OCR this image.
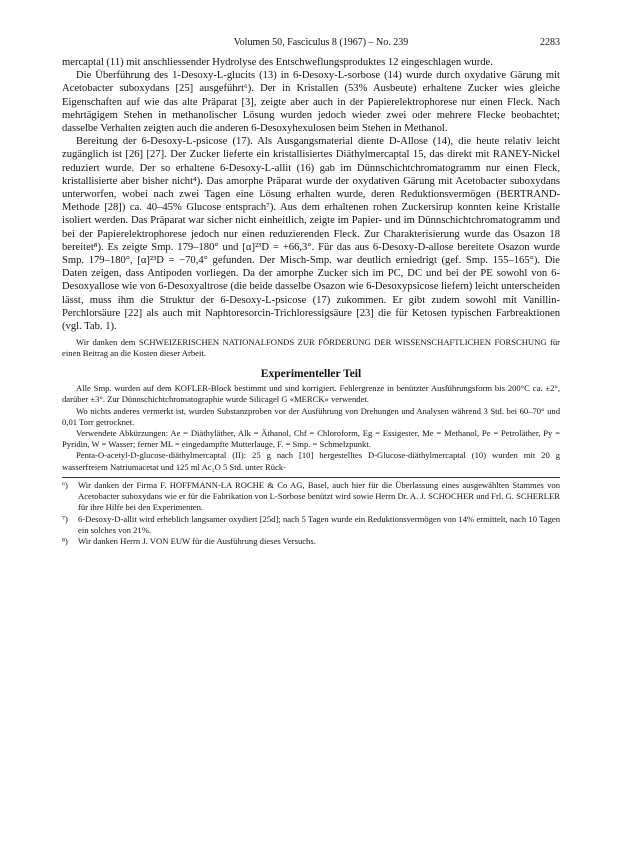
Volumen 50, Fasciculus 8 (1967) – No. 239	2283

mercaptal (11) mit anschliessender Hydrolyse des Entschweflungsproduktes 12 eingeschlagen wurde.

Die Überführung des 1-Desoxy-L-glucits (13) in 6-Desoxy-L-sorbose (14) wurde durch oxydative Gärung mit Acetobacter suboxydans [25] ausgeführt⁶). Der in Kristallen (53% Ausbeute) erhaltene Zucker wies gleiche Eigenschaften auf wie das alte Präparat [3], zeigte aber auch in der Papierelektrophorese nur einen Fleck. Nach mehrtägigem Stehen in methanolischer Lösung wurden jedoch wieder zwei oder mehrere Flecke beobachtet; dasselbe Verhalten zeigten auch die anderen 6-Desoxyhexulosen beim Stehen in Methanol.

Bereitung der 6-Desoxy-L-psicose (17). Als Ausgangsmaterial diente D-Allose (14), die heute relativ leicht zugänglich ist [26] [27]. Der Zucker lieferte ein kristallisiertes Diäthylmercaptal 15, das direkt mit RANEY-Nickel reduziert wurde. Der so erhaltene 6-Desoxy-L-allit (16) gab im Dünnschichtchromatogramm nur einen Fleck, kristallisierte aber bisher nicht⁴). Das amorphe Präparat wurde der oxydativen Gärung mit Acetobacter suboxydans unterworfen, wobei nach zwei Tagen eine Lösung erhalten wurde, deren Reduktionsvermögen (BERTRAND-Methode [28]) ca. 40–45% Glucose entsprach⁷). Aus dem erhaltenen rohen Zuckersirup konnten keine Kristalle isoliert werden. Das Präparat war sicher nicht einheitlich, zeigte im Papier- und im Dünnschichtchromatogramm und bei der Papierelektrophorese jedoch nur einen reduzierenden Fleck. Zur Charakterisierung wurde das Osazon 18 bereitet⁸). Es zeigte Smp. 179–180° und [α]²³D = +66,3°. Für das aus 6-Desoxy-D-allose bereitete Osazon wurde Smp. 179–180°, [α]²³D = −70,4° gefunden. Der Misch-Smp. war deutlich erniedrigt (gef. Smp. 155–165°). Die Daten zeigen, dass Antipoden vorliegen. Da der amorphe Zucker sich im PC, DC und bei der PE sowohl von 6-Desoxyallose wie von 6-Desoxyaltrose (die beide dasselbe Osazon wie 6-Desoxypsicose liefern) leicht unterscheiden lässt, muss ihm die Struktur der 6-Desoxy-L-psicose (17) zukommen. Er gibt zudem sowohl mit Vanillin-Perchlorsäure [22] als auch mit Naphtoresorcin-Trichloressigsäure [23] die für Ketosen typischen Farbreaktionen (vgl. Tab. 1).

Wir danken dem SCHWEIZERISCHEN NATIONALFONDS ZUR FÖRDERUNG DER WISSENSCHAFTLICHEN FORSCHUNG für einen Beitrag an die Kosten dieser Arbeit.

Experimenteller Teil

Alle Smp. wurden auf dem KOFLER-Block bestimmt und sind korrigiert. Fehlergrenze in benützter Ausführungsform bis 200°C ca. ±2°, darüber ±3°. Zur Dünnschichtchromatographie wurde Silicagel G «MERCK» verwendet.

Wo nichts anderes vermerkt ist, wurden Substanzproben vor der Ausführung von Drehungen und Analysen während 3 Std. bei 60–70° und 0,01 Torr getrocknet.

Verwendete Abkürzungen: Ae = Diäthyläther, Alk = Äthanol, Chf = Chloroform, Eg = Essigester, Me = Methanol, Pe = Petroläther, Py = Pyridin, W = Wasser; ferner ML = eingedampfte Mutterlauge, F. = Smp. = Schmelzpunkt.

Penta-O-acetyl-D-glucose-diäthylmercaptal (II): 25 g nach [10] hergestelltes D-Glucose-diäthylmercaptal (10) wurden mit 20 g wasserfreiem Natriumacetat und 125 ml Ac₂O 5 Std. unter Rück-

⁶)	Wir danken der Firma F. HOFFMANN-LA ROCHE & Co AG, Basel, auch hier für die Überlassung eines ausgewählten Stammes von Acetobacter suboxydans wie er für die Fabrikation von L-Sorbose benützt wird sowie Herrn Dr. A. J. SCHOCHER und Frl. G. SCHERLER für ihre Hilfe bei den Experimenten.
⁷)	6-Desoxy-D-allit wird erheblich langsamer oxydiert [25d]; nach 5 Tagen wurde ein Reduktionsvermögen von 14% ermittelt, nach 10 Tagen ein solches von 21%.
⁸)	Wir danken Herrn J. VON EUW für die Ausführung dieses Versuchs.
